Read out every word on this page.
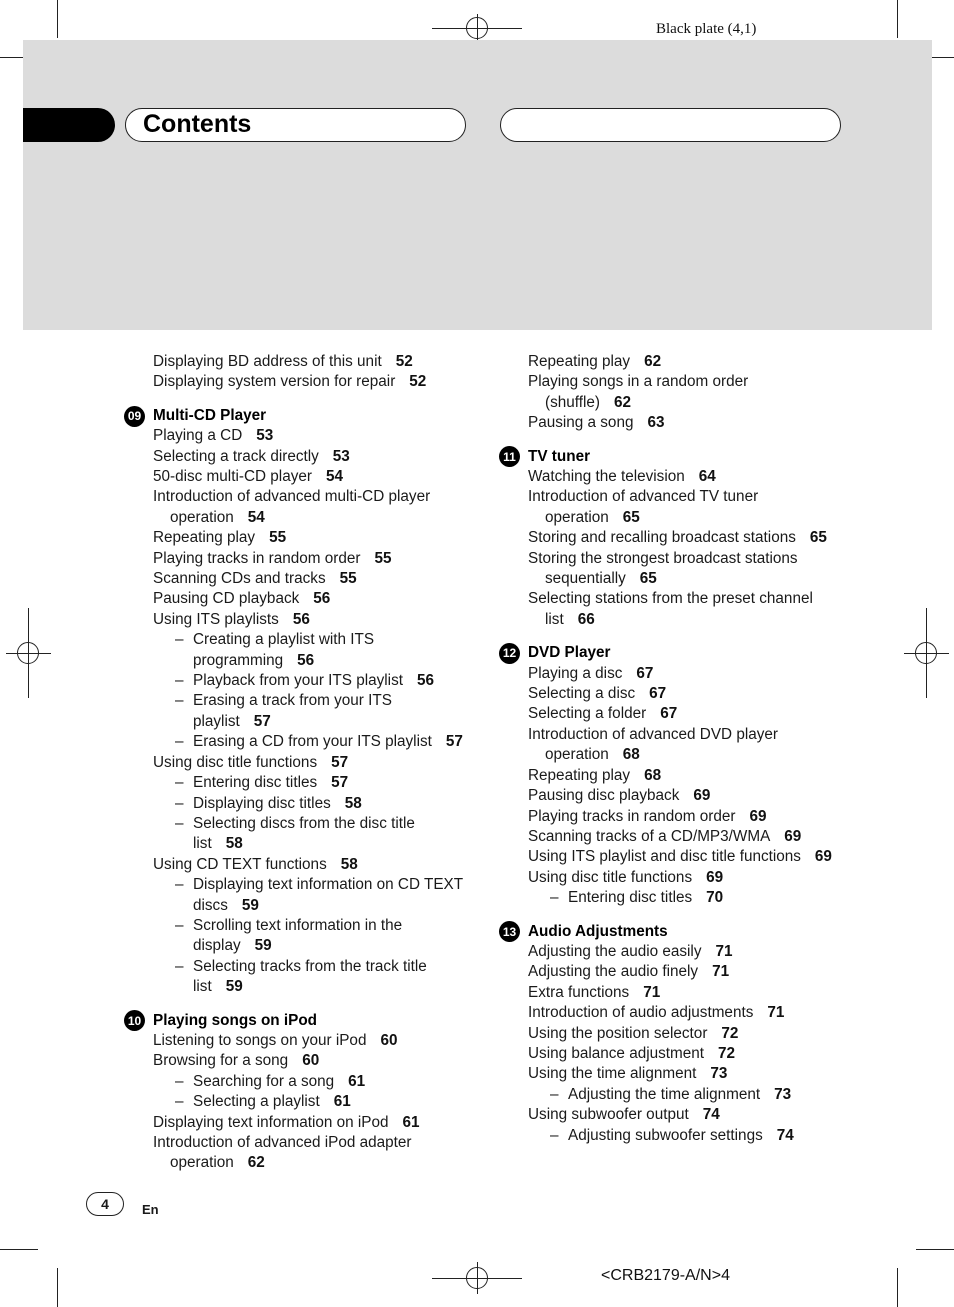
Black plate (4,1)
Contents
Displaying BD address of this unit 52
Displaying system version for repair 52
09 Multi-CD Player
Playing a CD 53
Selecting a track directly 53
50-disc multi-CD player 54
Introduction of advanced multi-CD player
operation 54
Repeating play 55
Playing tracks in random order 55
Scanning CDs and tracks 55
Pausing CD playback 56
Using ITS playlists 56
– Creating a playlist with ITS
programming 56
– Playback from your ITS playlist 56
– Erasing a track from your ITS
playlist 57
– Erasing a CD from your ITS playlist 57
Using disc title functions 57
– Entering disc titles 57
– Displaying disc titles 58
– Selecting discs from the disc title
list 58
Using CD TEXT functions 58
– Displaying text information on CD TEXT
discs 59
– Scrolling text information in the
display 59
– Selecting tracks from the track title
list 59
10 Playing songs on iPod
Listening to songs on your iPod 60
Browsing for a song 60
– Searching for a song 61
– Selecting a playlist 61
Displaying text information on iPod 61
Introduction of advanced iPod adapter
operation 62
Repeating play 62
Playing songs in a random order
(shuffle) 62
Pausing a song 63
11 TV tuner
Watching the television 64
Introduction of advanced TV tuner
operation 65
Storing and recalling broadcast stations 65
Storing the strongest broadcast stations
sequentially 65
Selecting stations from the preset channel
list 66
12 DVD Player
Playing a disc 67
Selecting a disc 67
Selecting a folder 67
Introduction of advanced DVD player
operation 68
Repeating play 68
Pausing disc playback 69
Playing tracks in random order 69
Scanning tracks of a CD/MP3/WMA 69
Using ITS playlist and disc title functions 69
Using disc title functions 69
– Entering disc titles 70
13 Audio Adjustments
Adjusting the audio easily 71
Adjusting the audio finely 71
Extra functions 71
Introduction of audio adjustments 71
Using the position selector 72
Using balance adjustment 72
Using the time alignment 73
– Adjusting the time alignment 73
Using subwoofer output 74
– Adjusting subwoofer settings 74
4	En
<CRB2179-A/N>4
